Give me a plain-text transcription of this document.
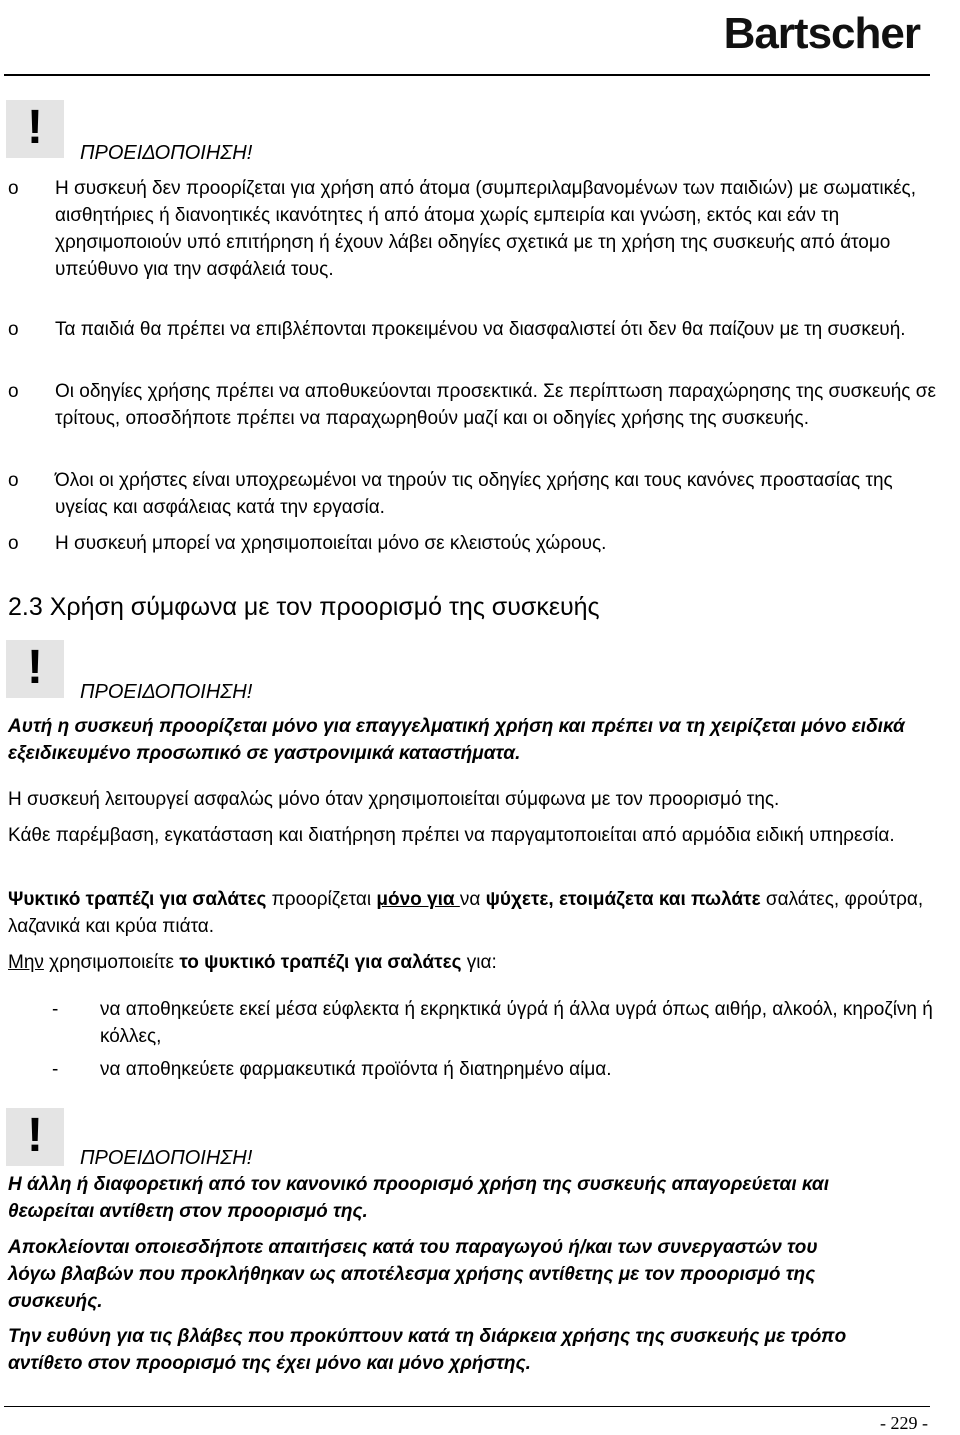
Bartscher
!	ΠΡΟΕΙΔΟΠΟΙΗΣΗ!
o Η συσκευή δεν προορίζεται για χρήση από άτομα (συμπεριλαμβανομένων των παιδιών) με σωματικές, αισθητήριες ή διανοητικές ικανότητες ή από άτομα χωρίς εμπειρία και γνώση, εκτός και εάν τη χρησιμοποιούν υπό επιτήρηση ή έχουν λάβει οδηγίες σχετικά με τη χρήση της συσκευής από άτομο υπεύθυνο για την ασφάλειά τους.
o Τα παιδιά θα πρέπει να επιβλέπονται προκειμένου να διασφαλιστεί ότι δεν θα παίζουν με τη συσκευή.
o Οι οδηγίες χρήσης πρέπει να αποθυκεύονται προσεκτικά. Σε περίπτωση παραχώρησης της συσκευής σε τρίτους, οποσδήποτε πρέπει να παραχωρηθούν μαζί και οι οδηγίες χρήσης της συσκευής.
o Όλοι οι χρήστες είναι υποχρεωμένοι να τηρούν τις οδηγίες χρήσης και τους κανόνες προστασίας της υγείας και ασφάλειας κατά την εργασία.
o Η συσκευή μπορεί να χρησιμοποιείται μόνο σε κλειστούς χώρους.
2.3 Χρήση σύμφωνα με τον προορισμό της συσκευής
!	ΠΡΟΕΙΔΟΠΟΙΗΣΗ!
Αυτή η συσκευή προορίζεται μόνο για επαγγελματική χρήση και πρέπει να τη χειρίζεται μόνο ειδικά εξειδικευμένο προσωπικό σε γαστρονιμικά καταστήματα.
Η συσκευή λειτουργεί ασφαλώς μόνο όταν χρησιμοποιείται σύμφωνα με τον προορισμό της.
Κάθε παρέμβαση, εγκατάσταση και διατήρηση πρέπει να παργαμτοποιείται από αρμόδια ειδική υπηρεσία.
Ψυκτικό τραπέζι για σαλάτες προορίζεται μόνο για να ψύχετε, ετοιμάζετα και πωλάτε σαλάτες, φρούτρα, λαζανικά και κρύα πιάτα.
Μην χρησιμοποιείτε το ψυκτικό τραπέζι για σαλάτες για:
- να αποθηκεύετε εκεί μέσα εύφλεκτα ή εκρηκτικά ύγρά ή άλλα υγρά όπως αιθήρ, αλκοόλ, κηροζίνη ή κόλλες,
- να αποθηκεύετε φαρμακευτικά προϊόντα ή διατηρημένο αίμα.
!	ΠΡΟΕΙΔΟΠΟΙΗΣΗ!
Η άλλη ή διαφορετική από τον κανονικό προορισμό χρήση της συσκευής απαγορεύεται και θεωρείται αντίθετη στον προορισμό της.
Αποκλείονται οποιεσδήποτε απαιτήσεις κατά του παραγωγού ή/και των συνεργαστών του λόγω βλαβών που προκλήθηκαν ως αποτέλεσμα χρήσης αντίθετης με τον προορισμό της συσκευής.
Την ευθύνη για τις βλάβες που προκύπτουν κατά τη διάρκεια χρήσης της συσκευής με τρόπο αντίθετο στον προορισμό της έχει μόνο και μόνο χρήστης.
- 229 -
